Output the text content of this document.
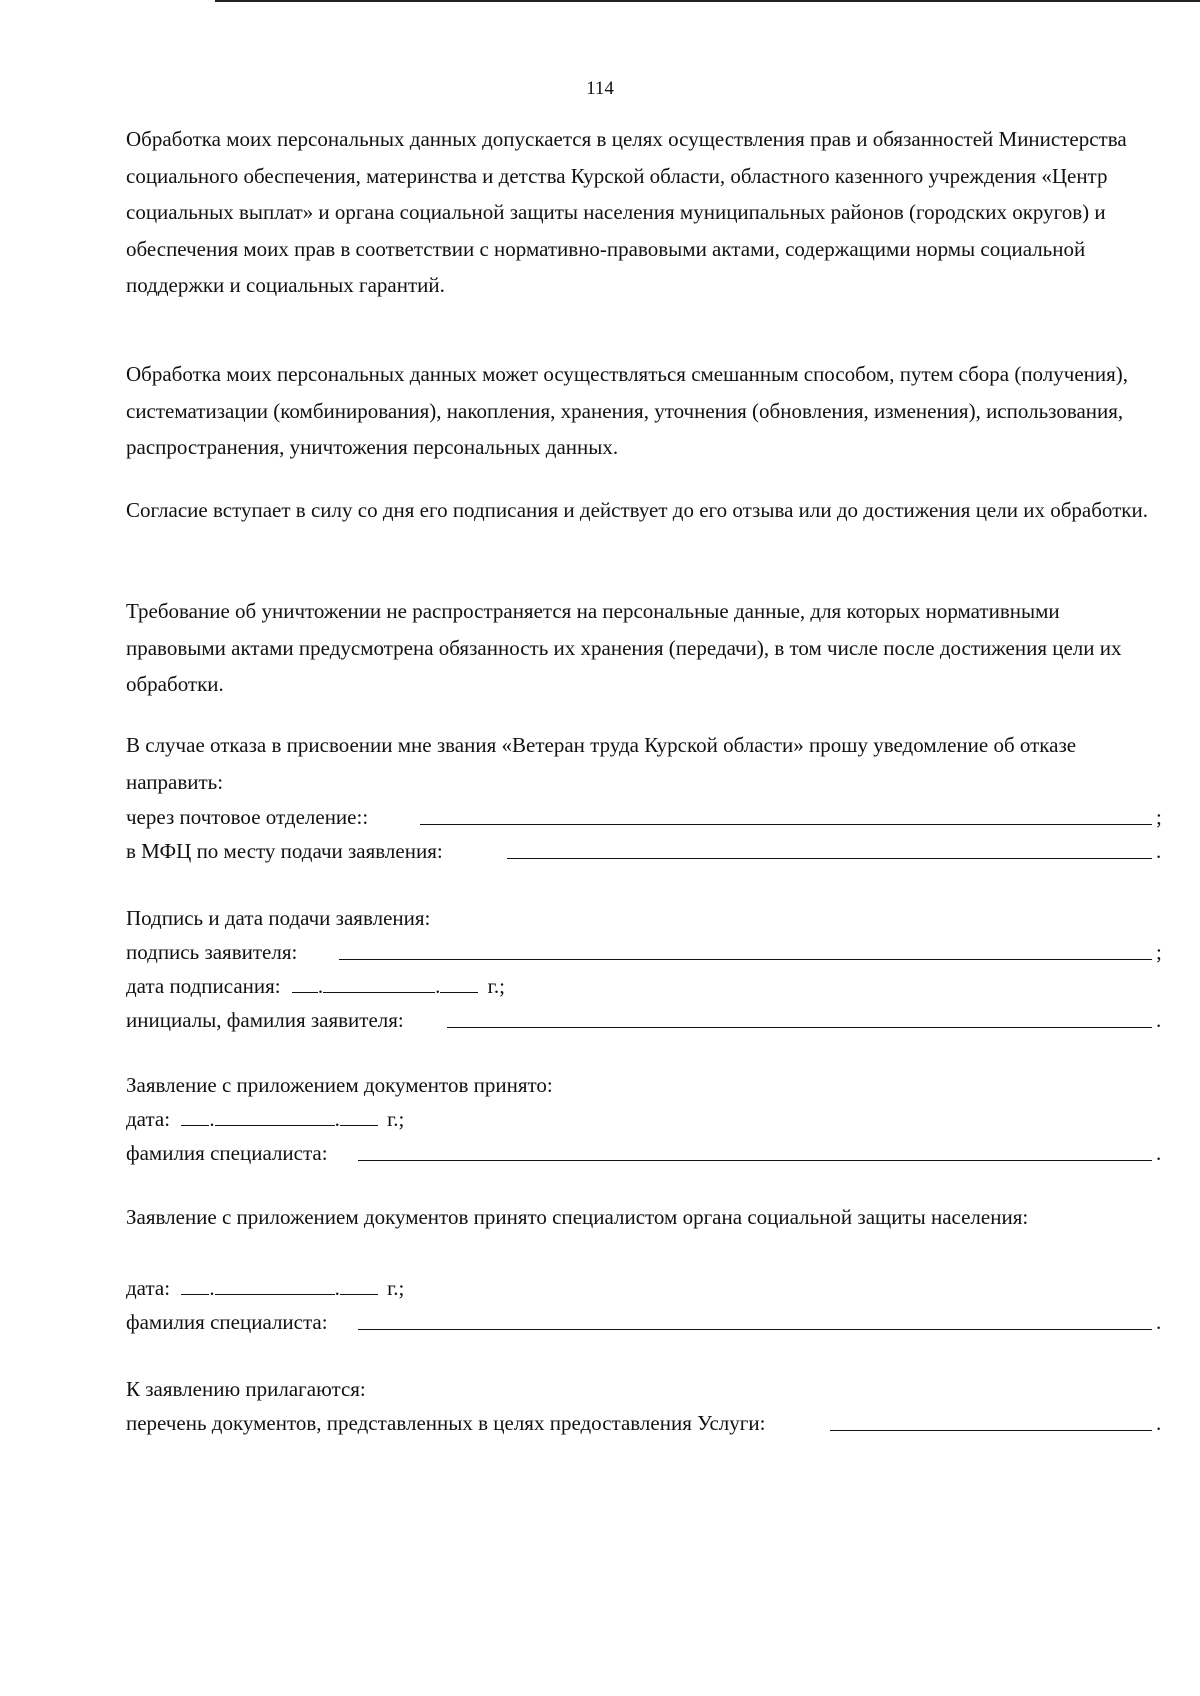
114

Обработка моих персональных данных допускается в целях осуществления прав и обязанностей Министерства социального обеспечения, материнства и детства Курской области, областного казенного учреждения «Центр социальных выплат» и органа социальной защиты населения муниципальных районов (городских округов) и обеспечения моих прав в соответствии с нормативно-правовыми актами, содержащими нормы социальной поддержки и социальных гарантий.

Обработка моих персональных данных может осуществляться смешанным способом, путем сбора (получения), систематизации (комбинирования), накопления, хранения, уточнения (обновления, изменения), использования, распространения, уничтожения персональных данных.

Согласие вступает в силу со дня его подписания и действует до его отзыва или до достижения цели их обработки.

Требование об уничтожении не распространяется на персональные данные, для которых нормативными правовыми актами предусмотрена обязанность их хранения (передачи), в том числе после достижения цели их обработки.

В случае отказа в присвоении мне звания «Ветеран труда Курской области» прошу уведомление об отказе направить:

через почтовое отделение::	;
в МФЦ по месту подачи заявления:	.
Подпись и дата подачи заявления:
подпись заявителя:	;
дата подписания: .	. г.;
инициалы, фамилия заявителя:	.
Заявление с приложением документов принято:
дата: .	. г.;
фамилия специалиста:	.

Заявление с приложением документов принято специалистом органа социальной защиты населения:

дата: .	. г.;
фамилия специалиста:	.
К заявлению прилагаются:
перечень документов, представленных в целях предоставления Услуги:	.
